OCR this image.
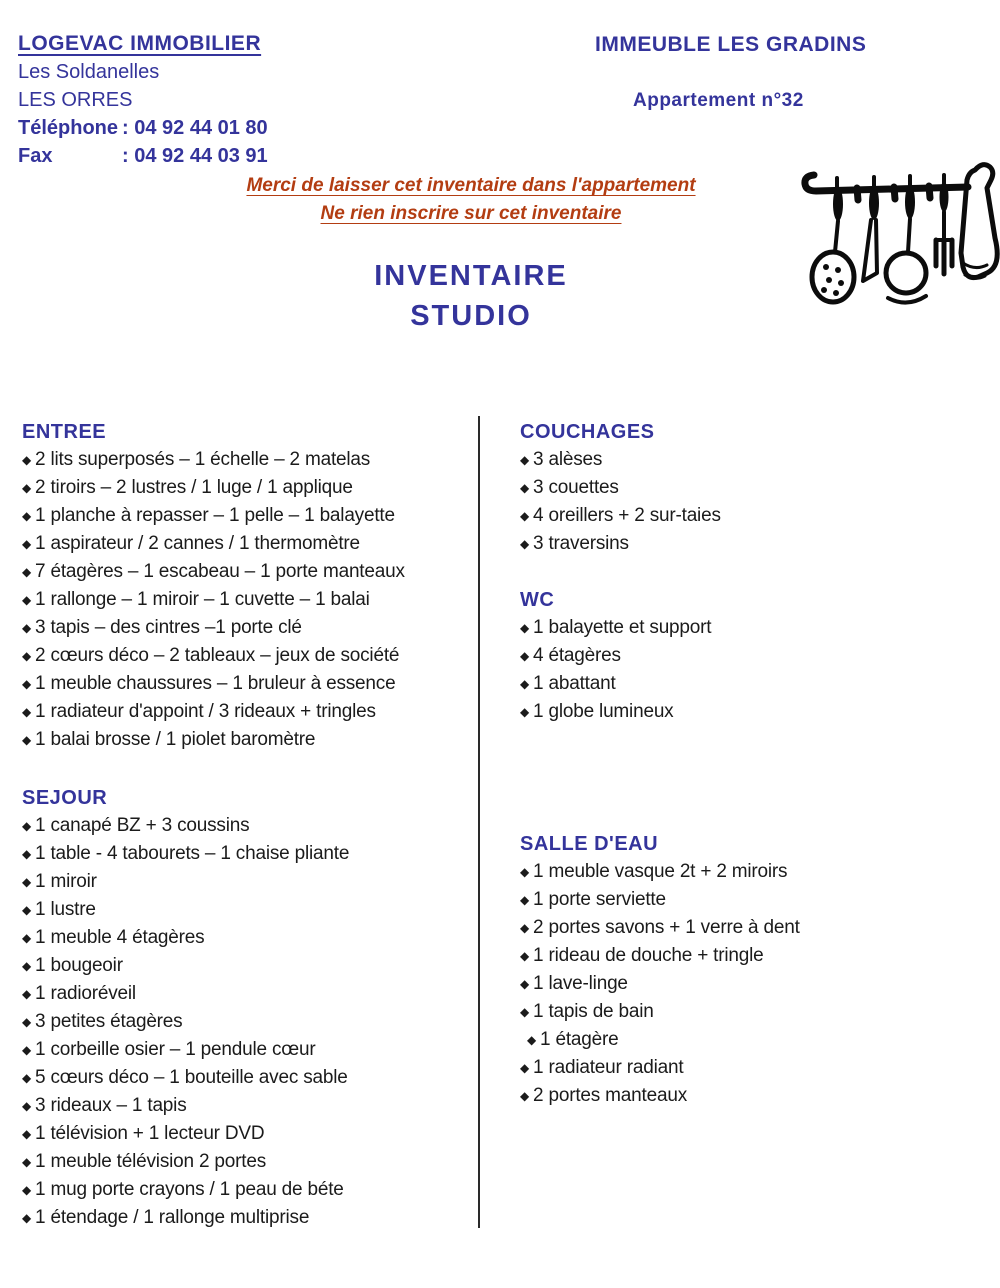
LOGEVAC IMMOBILIER
Les Soldanelles
LES ORRES
Téléphone : 04 92 44 01 80
Fax	: 04 92 44 03 91
IMMEUBLE LES GRADINS
Appartement n°32
Merci de laisser cet inventaire dans l'appartement
Ne rien inscrire sur cet inventaire
INVENTAIRE
STUDIO
ENTREE
◆ 2 lits superposés – 1 échelle – 2 matelas
◆ 2 tiroirs – 2 lustres / 1 luge / 1 applique
◆ 1 planche à repasser – 1 pelle – 1 balayette
◆ 1 aspirateur / 2 cannes / 1 thermomètre
◆ 7 étagères – 1 escabeau – 1 porte manteaux
◆ 1 rallonge – 1 miroir – 1 cuvette – 1 balai
◆ 3 tapis – des cintres –1 porte clé
◆ 2 cœurs déco – 2 tableaux – jeux de société
◆ 1 meuble chaussures – 1 bruleur à essence
◆ 1 radiateur d'appoint / 3 rideaux + tringles
◆ 1 balai brosse / 1 piolet baromètre
SEJOUR
◆ 1 canapé BZ + 3 coussins
◆ 1 table - 4 tabourets – 1 chaise pliante
◆ 1 miroir
◆ 1 lustre
◆ 1 meuble 4 étagères
◆ 1 bougeoir
◆ 1 radioréveil
◆ 3 petites étagères
◆ 1 corbeille osier – 1 pendule cœur
◆ 5 cœurs déco – 1 bouteille avec sable
◆ 3 rideaux – 1 tapis
◆ 1 télévision + 1 lecteur DVD
◆ 1 meuble télévision 2 portes
◆ 1 mug porte crayons / 1 peau de béte
◆ 1 étendage / 1 rallonge multiprise
COUCHAGES
◆ 3 alèses
◆ 3 couettes
◆ 4 oreillers + 2 sur-taies
◆ 3 traversins
WC
◆ 1 balayette et support
◆ 4 étagères
◆ 1 abattant
◆ 1 globe lumineux
SALLE D'EAU
◆ 1 meuble vasque 2t + 2 miroirs
◆ 1 porte serviette
◆ 2 portes savons + 1 verre à dent
◆ 1 rideau de douche + tringle
◆ 1 lave-linge
◆ 1 tapis de bain
◆ 1 étagère
◆ 1 radiateur radiant
◆ 2 portes manteaux
